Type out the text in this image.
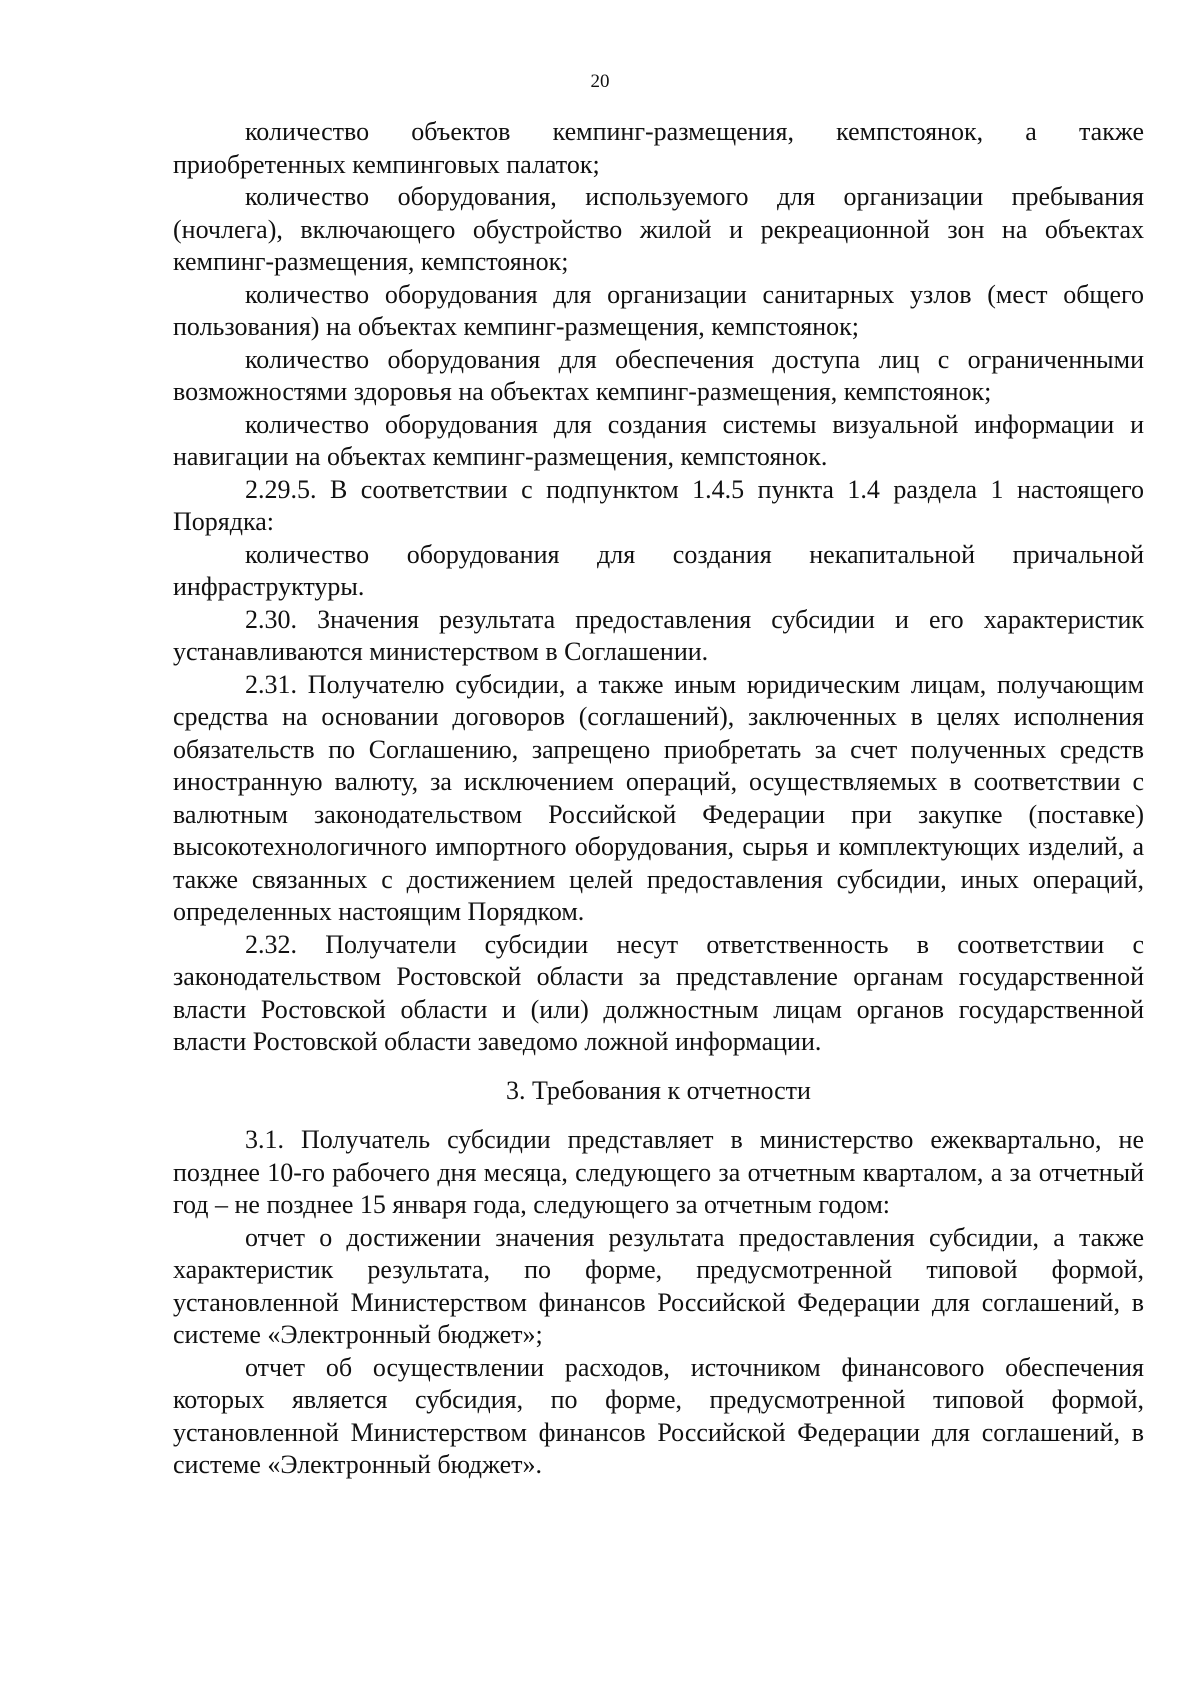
20

количество объектов кемпинг-размещения, кемпстоянок, а также приобретенных кемпинговых палаток;

количество оборудования, используемого для организации пребывания (ночлега), включающего обустройство жилой и рекреационной зон на объектах кемпинг-размещения, кемпстоянок;

количество оборудования для организации санитарных узлов (мест общего пользования) на объектах кемпинг-размещения, кемпстоянок;

количество оборудования для обеспечения доступа лиц с ограниченными возможностями здоровья на объектах кемпинг-размещения, кемпстоянок;

количество оборудования для создания системы визуальной информации и навигации на объектах кемпинг-размещения, кемпстоянок.

2.29.5. В соответствии с подпунктом 1.4.5 пункта 1.4 раздела 1 настоящего Порядка:

количество оборудования для создания некапитальной причальной инфраструктуры.

2.30. Значения результата предоставления субсидии и его характеристик устанавливаются министерством в Соглашении.

2.31. Получателю субсидии, а также иным юридическим лицам, получающим средства на основании договоров (соглашений), заключенных в целях исполнения обязательств по Соглашению, запрещено приобретать за счет полученных средств иностранную валюту, за исключением операций, осуществляемых в соответствии с валютным законодательством Российской Федерации при закупке (поставке) высокотехнологичного импортного оборудования, сырья и комплектующих изделий, а также связанных с достижением целей предоставления субсидии, иных операций, определенных настоящим Порядком.

2.32. Получатели субсидии несут ответственность в соответствии с законодательством Ростовской области за представление органам государственной власти Ростовской области и (или) должностным лицам органов государственной власти Ростовской области заведомо ложной информации.

3. Требования к отчетности

3.1. Получатель субсидии представляет в министерство ежеквартально, не позднее 10-го рабочего дня месяца, следующего за отчетным кварталом, а за отчетный год – не позднее 15 января года, следующего за отчетным годом:

отчет о достижении значения результата предоставления субсидии, а также характеристик результата, по форме, предусмотренной типовой формой, установленной Министерством финансов Российской Федерации для соглашений, в системе «Электронный бюджет»;

отчет об осуществлении расходов, источником финансового обеспечения которых является субсидия, по форме, предусмотренной типовой формой, установленной Министерством финансов Российской Федерации для соглашений, в системе «Электронный бюджет».
